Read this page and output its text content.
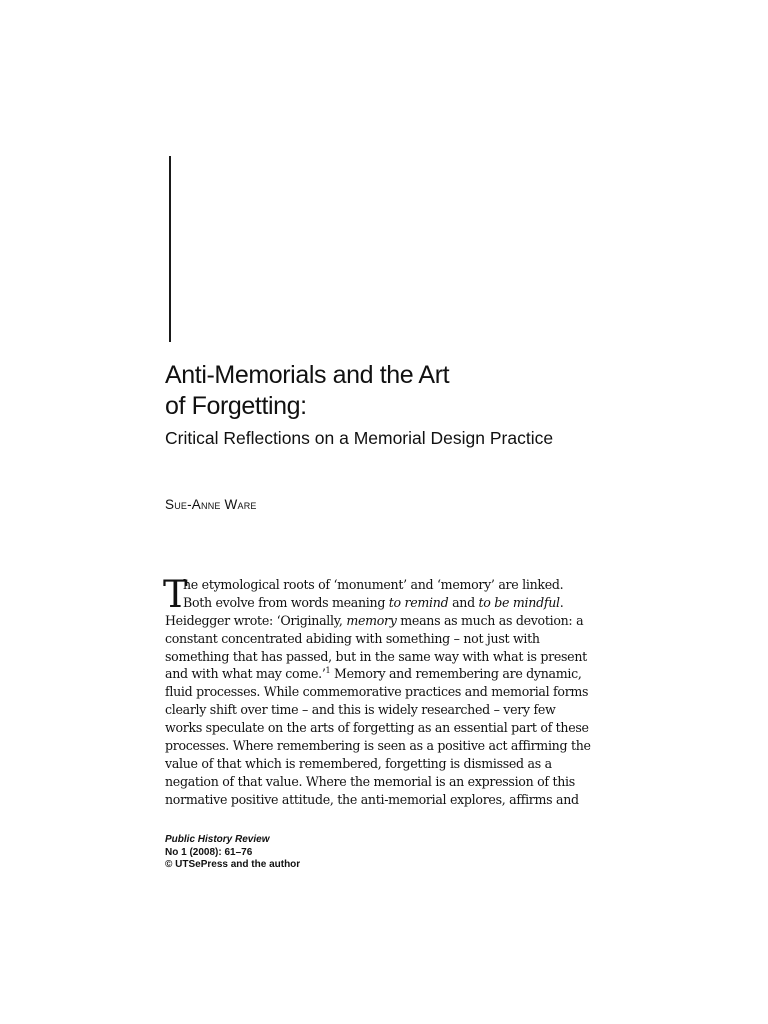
Anti-Memorials and the Art
of Forgetting:
Critical Reflections on a Memorial Design Practice
Sue-Anne Ware
T
he etymological roots of ‘monument’ and ‘memory’ are linked.
Both evolve from words meaning to remind and to be mindful.
Heidegger wrote: ‘Originally, memory means as much as devotion: a
constant concentrated abiding with something – not just with
something that has passed, but in the same way with what is present
and with what may come.’$^1$ Memory and remembering are dynamic,
fluid processes. While commemorative practices and memorial forms
clearly shift over time – and this is widely researched – very few
works speculate on the arts of forgetting as an essential part of these
processes. Where remembering is seen as a positive act affirming the
value of that which is remembered, forgetting is dismissed as a
negation of that value. Where the memorial is an expression of this
normative positive attitude, the anti-memorial explores, affirms and
Public History Review
No 1 (2008): 61–76
© UTSePress and the author
